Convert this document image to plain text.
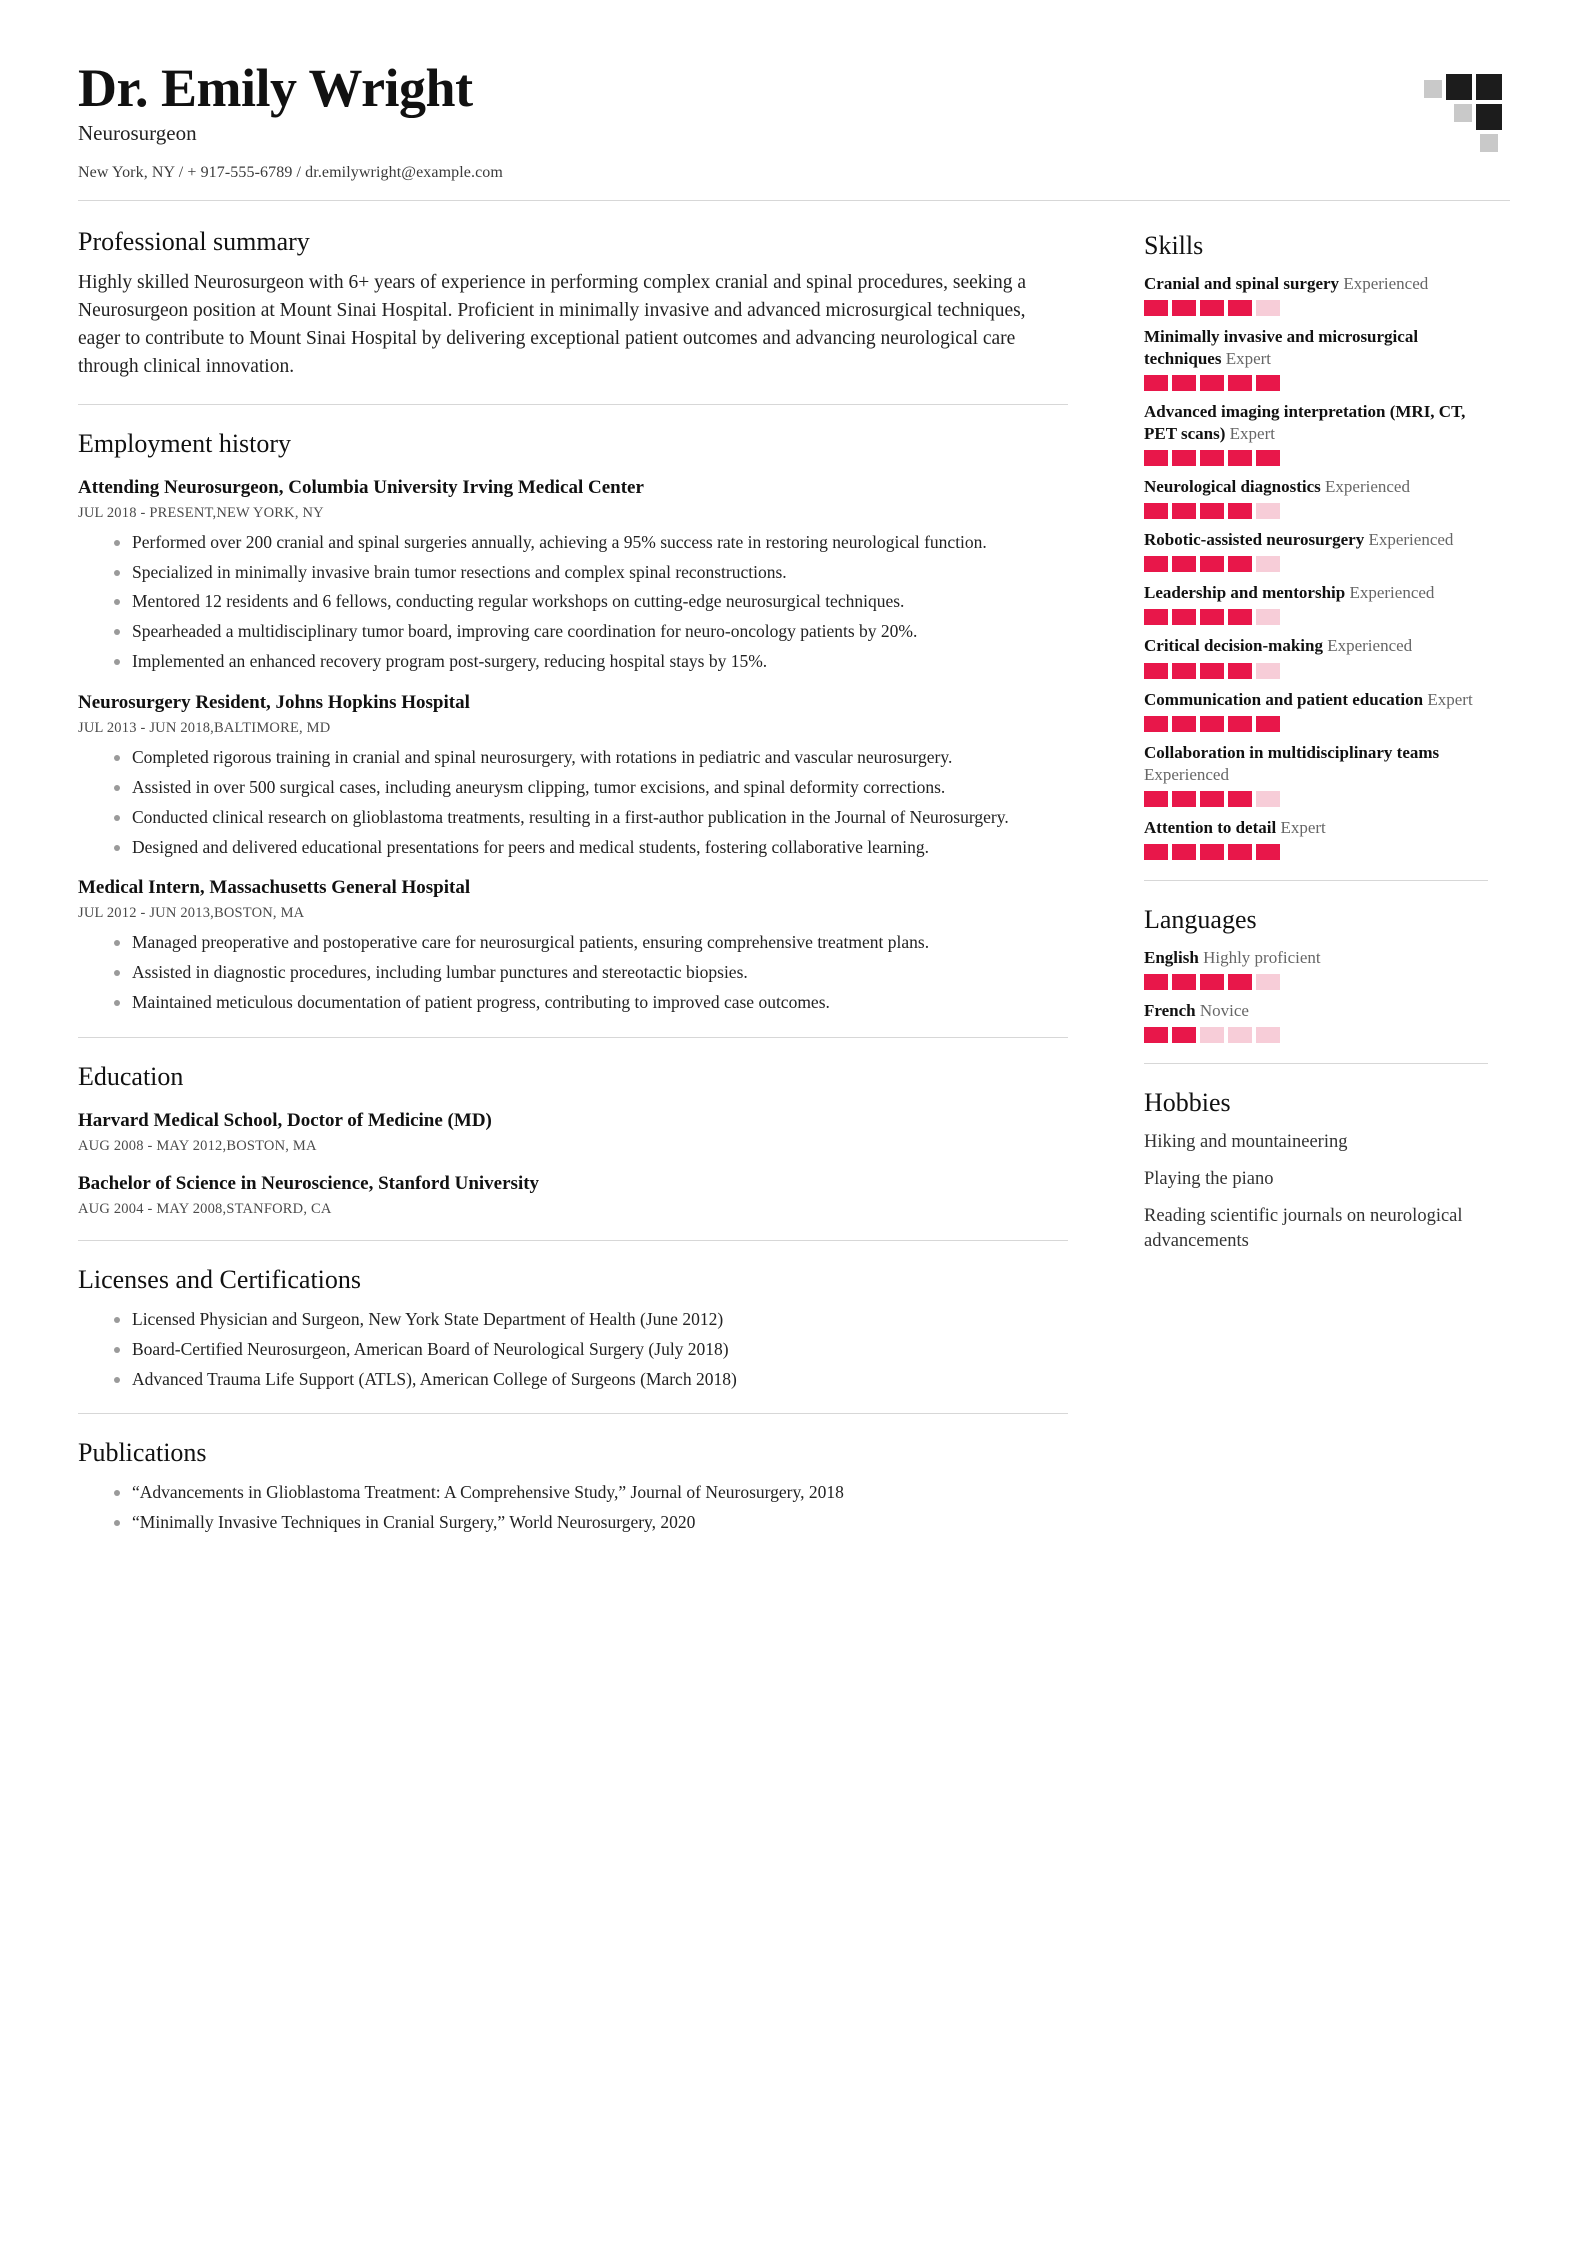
Dr. Emily Wright
Neurosurgeon
New York, NY / + 917-555-6789 / dr.emilywright@example.com
Professional summary

Highly skilled Neurosurgeon with 6+ years of experience in performing complex cranial and spinal procedures, seeking a Neurosurgeon position at Mount Sinai Hospital. Proficient in minimally invasive and advanced microsurgical techniques, eager to contribute to Mount Sinai Hospital by delivering exceptional patient outcomes and advancing neurological care through clinical innovation.

Employment history
Attending Neurosurgeon, Columbia University Irving Medical Center
JUL 2018 - PRESENT,NEW YORK, NY
Performed over 200 cranial and spinal surgeries annually, achieving a 95% success rate in restoring neurological function.
Specialized in minimally invasive brain tumor resections and complex spinal reconstructions.
Mentored 12 residents and 6 fellows, conducting regular workshops on cutting-edge neurosurgical techniques.
Spearheaded a multidisciplinary tumor board, improving care coordination for neuro-oncology patients by 20%.
Implemented an enhanced recovery program post-surgery, reducing hospital stays by 15%.
Neurosurgery Resident, Johns Hopkins Hospital
JUL 2013 - JUN 2018,BALTIMORE, MD
Completed rigorous training in cranial and spinal neurosurgery, with rotations in pediatric and vascular neurosurgery.
Assisted in over 500 surgical cases, including aneurysm clipping, tumor excisions, and spinal deformity corrections.
Conducted clinical research on glioblastoma treatments, resulting in a first-author publication in the Journal of Neurosurgery.
Designed and delivered educational presentations for peers and medical students, fostering collaborative learning.
Medical Intern, Massachusetts General Hospital
JUL 2012 - JUN 2013,BOSTON, MA
Managed preoperative and postoperative care for neurosurgical patients, ensuring comprehensive treatment plans.
Assisted in diagnostic procedures, including lumbar punctures and stereotactic biopsies.
Maintained meticulous documentation of patient progress, contributing to improved case outcomes.
Education
Harvard Medical School, Doctor of Medicine (MD)
AUG 2008 - MAY 2012,BOSTON, MA
Bachelor of Science in Neuroscience, Stanford University
AUG 2004 - MAY 2008,STANFORD, CA
Licenses and Certifications
Licensed Physician and Surgeon, New York State Department of Health (June 2012)
Board-Certified Neurosurgeon, American Board of Neurological Surgery (July 2018)
Advanced Trauma Life Support (ATLS), American College of Surgeons (March 2018)
Publications
“Advancements in Glioblastoma Treatment: A Comprehensive Study,” Journal of Neurosurgery, 2018
“Minimally Invasive Techniques in Cranial Surgery,” World Neurosurgery, 2020
Skills
Cranial and spinal surgery Experienced
Minimally invasive and microsurgical techniques Expert
Advanced imaging interpretation (MRI, CT, PET scans) Expert
Neurological diagnostics Experienced
Robotic-assisted neurosurgery Experienced
Leadership and mentorship Experienced
Critical decision-making Experienced
Communication and patient education Expert
Collaboration in multidisciplinary teams Experienced
Attention to detail Expert
Languages
English Highly proficient
French Novice
Hobbies
Hiking and mountaineering
Playing the piano
Reading scientific journals on neurological advancements
